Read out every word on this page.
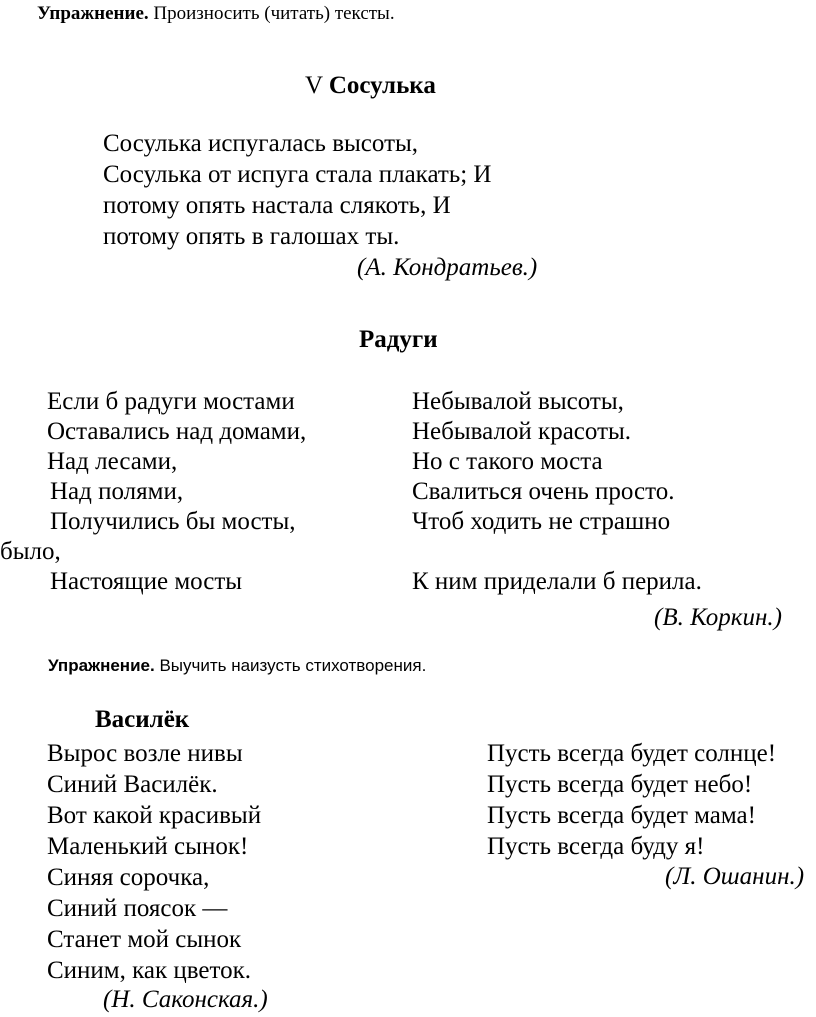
Упражнение. Произносить (читать) тексты.
V Сосулька
Сосулька испугалась высоты,
Сосулька от испуга стала плакать; И
потому опять настала слякоть, И
потому опять в галошах ты.
(А. Кондратьев.)
Радуги
Если б радуги мостами
Оставались над домами,
Над лесами,
Над полями,
Получились бы мосты,
было,
Настоящие мосты
Небывалой высоты,
Небывалой красоты.
Но с такого моста
Свалиться очень просто.
Чтоб ходить не страшно

К ним приделали б перила.
(В. Коркин.)
Упражнение. Выучить наизусть стихотворения.
Василёк
Вырос возле нивы
Синий Василёк.
Вот какой красивый
Маленький сынок!
Синяя сорочка,
Синий поясок —
Станет мой сынок
Синим, как цветок.
(Н. Саконская.)
Пусть всегда будет солнце!
Пусть всегда будет небо!
Пусть всегда будет мама!
Пусть всегда буду я!
(Л. Ошанин.)
